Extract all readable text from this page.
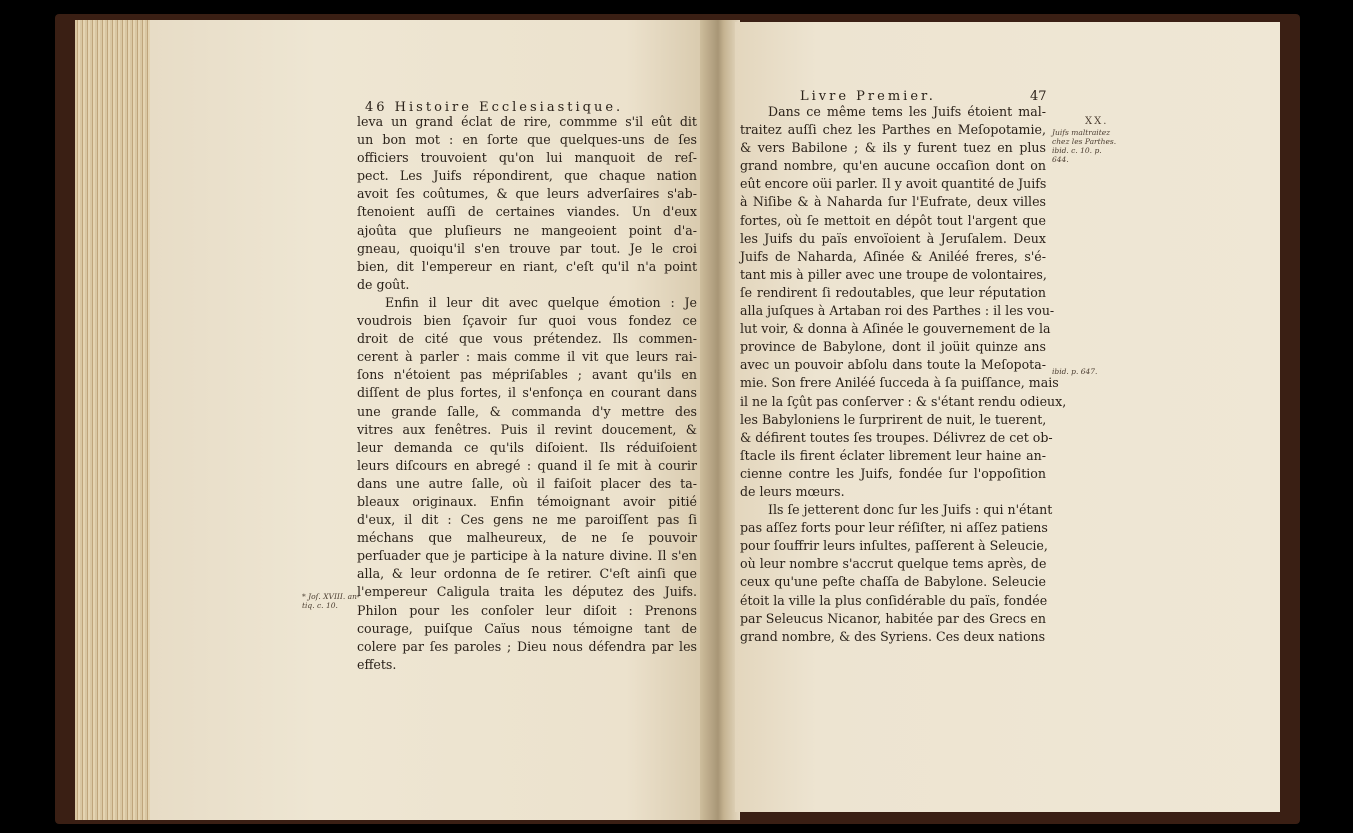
46 Histoire Ecclesiastique.
leva un grand éclat de rire, commme s'il eût dit
un bon mot : en ſorte que quelques-uns de ſes
officiers trouvoient qu'on lui manquoit de reſ-
pect. Les Juifs répondirent, que chaque nation
avoit ſes coûtumes, & que leurs adverſaires s'ab-
ſtenoient auſſi de certaines viandes. Un d'eux
ajoûta que pluſieurs ne mangeoient point d'a-
gneau, quoiqu'il s'en trouve par tout. Je le croi
bien, dit l'empereur en riant, c'eſt qu'il n'a point
de goût.
Enfin il leur dit avec quelque émotion : Je
voudrois bien ſçavoir ſur quoi vous fondez ce
droit de cité que vous prétendez. Ils commen-
cerent à parler : mais comme il vit que leurs rai-
ſons n'étoient pas mépriſables ; avant qu'ils en
diſſent de plus fortes, il s'enfonça en courant dans
une grande ſalle, & commanda d'y mettre des
vitres aux fenêtres. Puis il revint doucement, &
leur demanda ce qu'ils diſoient. Ils réduiſoient
leurs diſcours en abregé : quand il ſe mit à courir
dans une autre ſalle, où il faiſoit placer des ta-
bleaux originaux. Enfin témoignant avoir pitié
d'eux, il dit : Ces gens ne me paroiſſent pas ſi
méchans que malheureux, de ne ſe pouvoir
perſuader que je participe à la nature divine. Il s'en
alla, & leur ordonna de ſe retirer. C'eſt ainſi que
l'empereur Caligula traita les députez des Juifs.
Philon pour les conſoler leur diſoit : Prenons
courage, puiſque Caïus nous témoigne tant de
colere par ſes paroles ; Dieu nous défendra par les
effets.
* Joſ. XVIII. an-
tiq. c. 10.
Livre Premier.	47
XX.
Dans ce même tems les Juifs étoient mal-
traitez auſſi chez les Parthes en Meſopotamie,
& vers Babilone ; & ils y furent tuez en plus
grand nombre, qu'en aucune occaſion dont on
eût encore oüi parler. Il y avoit quantité de Juifs
à Niſibe & à Naharda ſur l'Eufrate, deux villes
fortes, où ſe mettoit en dépôt tout l'argent que
les Juifs du païs envoïoient à Jeruſalem. Deux
Juifs de Naharda, Aſinée & Aniléé freres, s'é-
tant mis à piller avec une troupe de volontaires,
ſe rendirent ſi redoutables, que leur réputation
alla juſques à Artaban roi des Parthes : il les vou-
lut voir, & donna à Aſinée le gouvernement de la
province de Babylone, dont il joüit quinze ans
avec un pouvoir abſolu dans toute la Meſopota-
mie. Son frere Aniléé ſucceda à ſa puiſſance, mais
il ne la ſçût pas conſerver : & s'étant rendu odieux,
les Babyloniens le ſurprirent de nuit, le tuerent,
& défirent toutes ſes troupes. Délivrez de cet ob-
ſtacle ils firent éclater librement leur haine an-
cienne contre les Juifs, fondée ſur l'oppoſition
de leurs mœurs.
Ils ſe jetterent donc ſur les Juifs : qui n'étant
pas aſſez forts pour leur réſiſter, ni aſſez patiens
pour ſouffrir leurs inſultes, paſſerent à Seleucie,
où leur nombre s'accrut quelque tems après, de
ceux qu'une peſte chaſſa de Babylone. Seleucie
étoit la ville la plus conſidérable du païs, fondée
par Seleucus Nicanor, habitée par des Grecs en
grand nombre, & des Syriens. Ces deux nations
Juifs maltraitez
chez les Parthes.
ibid. c. 10. p.
644.
ibid. p. 647.
